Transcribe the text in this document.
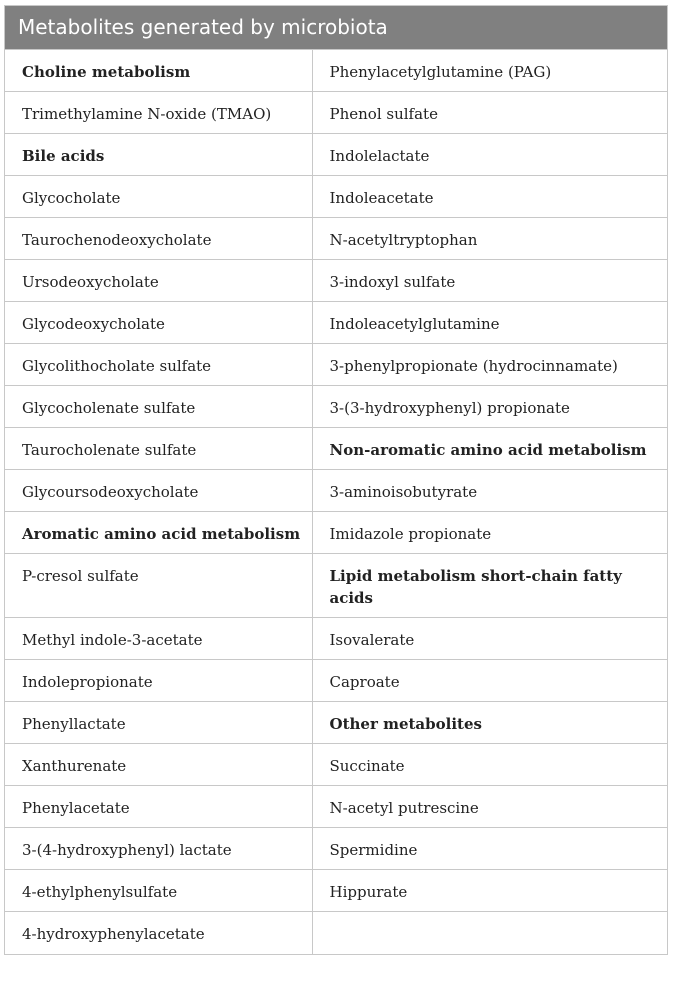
Metabolites generated by microbiota
Choline metabolism	Phenylacetylglutamine (PAG)
Trimethylamine N-oxide (TMAO)	Phenol sulfate
Bile acids	Indolelactate
Glycocholate	Indoleacetate
Taurochenodeoxycholate	N-acetyltryptophan
Ursodeoxycholate	3-indoxyl sulfate
Glycodeoxycholate	Indoleacetylglutamine
Glycolithocholate sulfate	3-phenylpropionate (hydrocinnamate)
Glycocholenate sulfate	3-(3-hydroxyphenyl) propionate
Taurocholenate sulfate	Non-aromatic amino acid metabolism
Glycoursodeoxycholate	3-aminoisobutyrate
Aromatic amino acid metabolism	Imidazole propionate
P-cresol sulfate	Lipid metabolism short-chain fatty acids
Methyl indole-3-acetate	Isovalerate
Indolepropionate	Caproate
Phenyllactate	Other metabolites
Xanthurenate	Succinate
Phenylacetate	N-acetyl putrescine
3-(4-hydroxyphenyl) lactate	Spermidine
4-ethylphenylsulfate	Hippurate
4-hydroxyphenylacetate	
